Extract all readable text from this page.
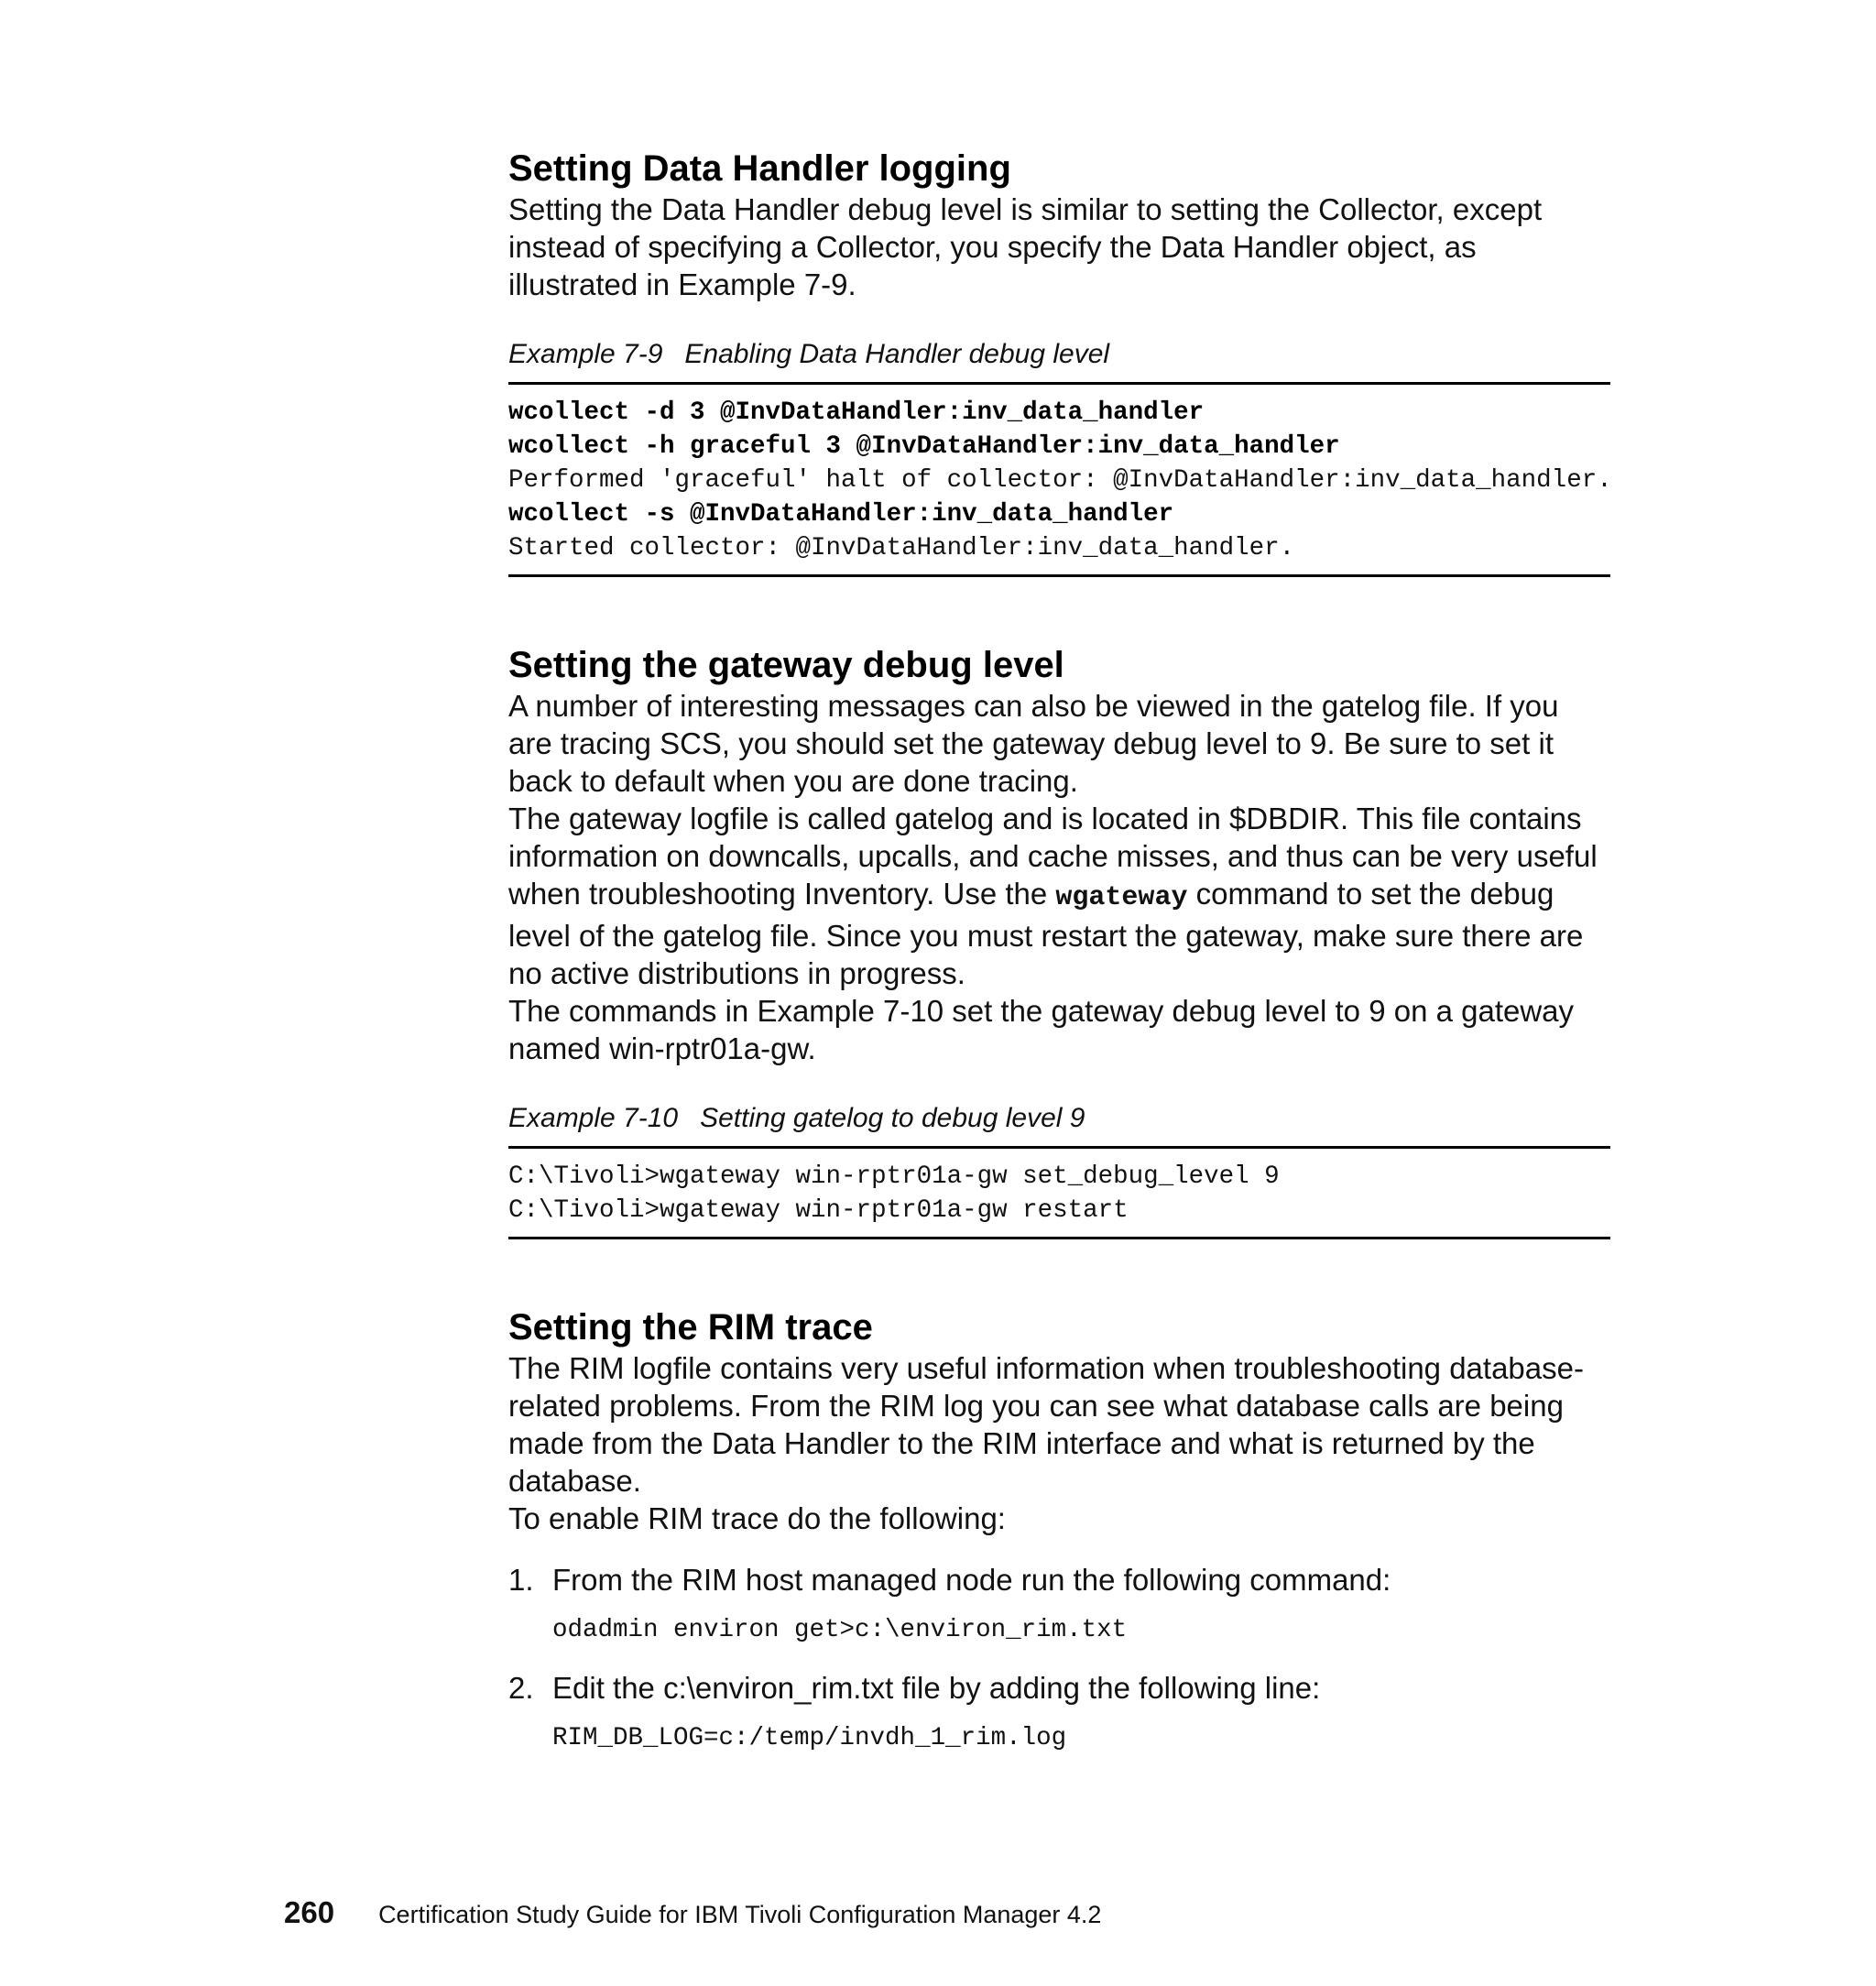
Setting Data Handler logging

Setting the Data Handler debug level is similar to setting the Collector, except instead of specifying a Collector, you specify the Data Handler object, as illustrated in Example 7-9.

Example 7-9 Enabling Data Handler debug level
wcollect -d 3 @InvDataHandler:inv_data_handler
wcollect -h graceful 3 @InvDataHandler:inv_data_handler
Performed 'graceful' halt of collector: @InvDataHandler:inv_data_handler.
wcollect -s @InvDataHandler:inv_data_handler
Started collector: @InvDataHandler:inv_data_handler.
Setting the gateway debug level

A number of interesting messages can also be viewed in the gatelog file. If you are tracing SCS, you should set the gateway debug level to 9. Be sure to set it back to default when you are done tracing.

The gateway logfile is called gatelog and is located in $DBDIR. This file contains information on downcalls, upcalls, and cache misses, and thus can be very useful when troubleshooting Inventory. Use the wgateway command to set the debug level of the gatelog file. Since you must restart the gateway, make sure there are no active distributions in progress.

The commands in Example 7-10 set the gateway debug level to 9 on a gateway named win-rptr01a-gw.

Example 7-10 Setting gatelog to debug level 9
C:\Tivoli>wgateway win-rptr01a-gw set_debug_level 9
C:\Tivoli>wgateway win-rptr01a-gw restart
Setting the RIM trace

The RIM logfile contains very useful information when troubleshooting database-related problems. From the RIM log you can see what database calls are being made from the Data Handler to the RIM interface and what is returned by the database.

To enable RIM trace do the following:

1. From the RIM host managed node run the following command:
odadmin environ get>c:\environ_rim.txt
2. Edit the c:\environ_rim.txt file by adding the following line:
RIM_DB_LOG=c:/temp/invdh_1_rim.log
260 Certification Study Guide for IBM Tivoli Configuration Manager 4.2
